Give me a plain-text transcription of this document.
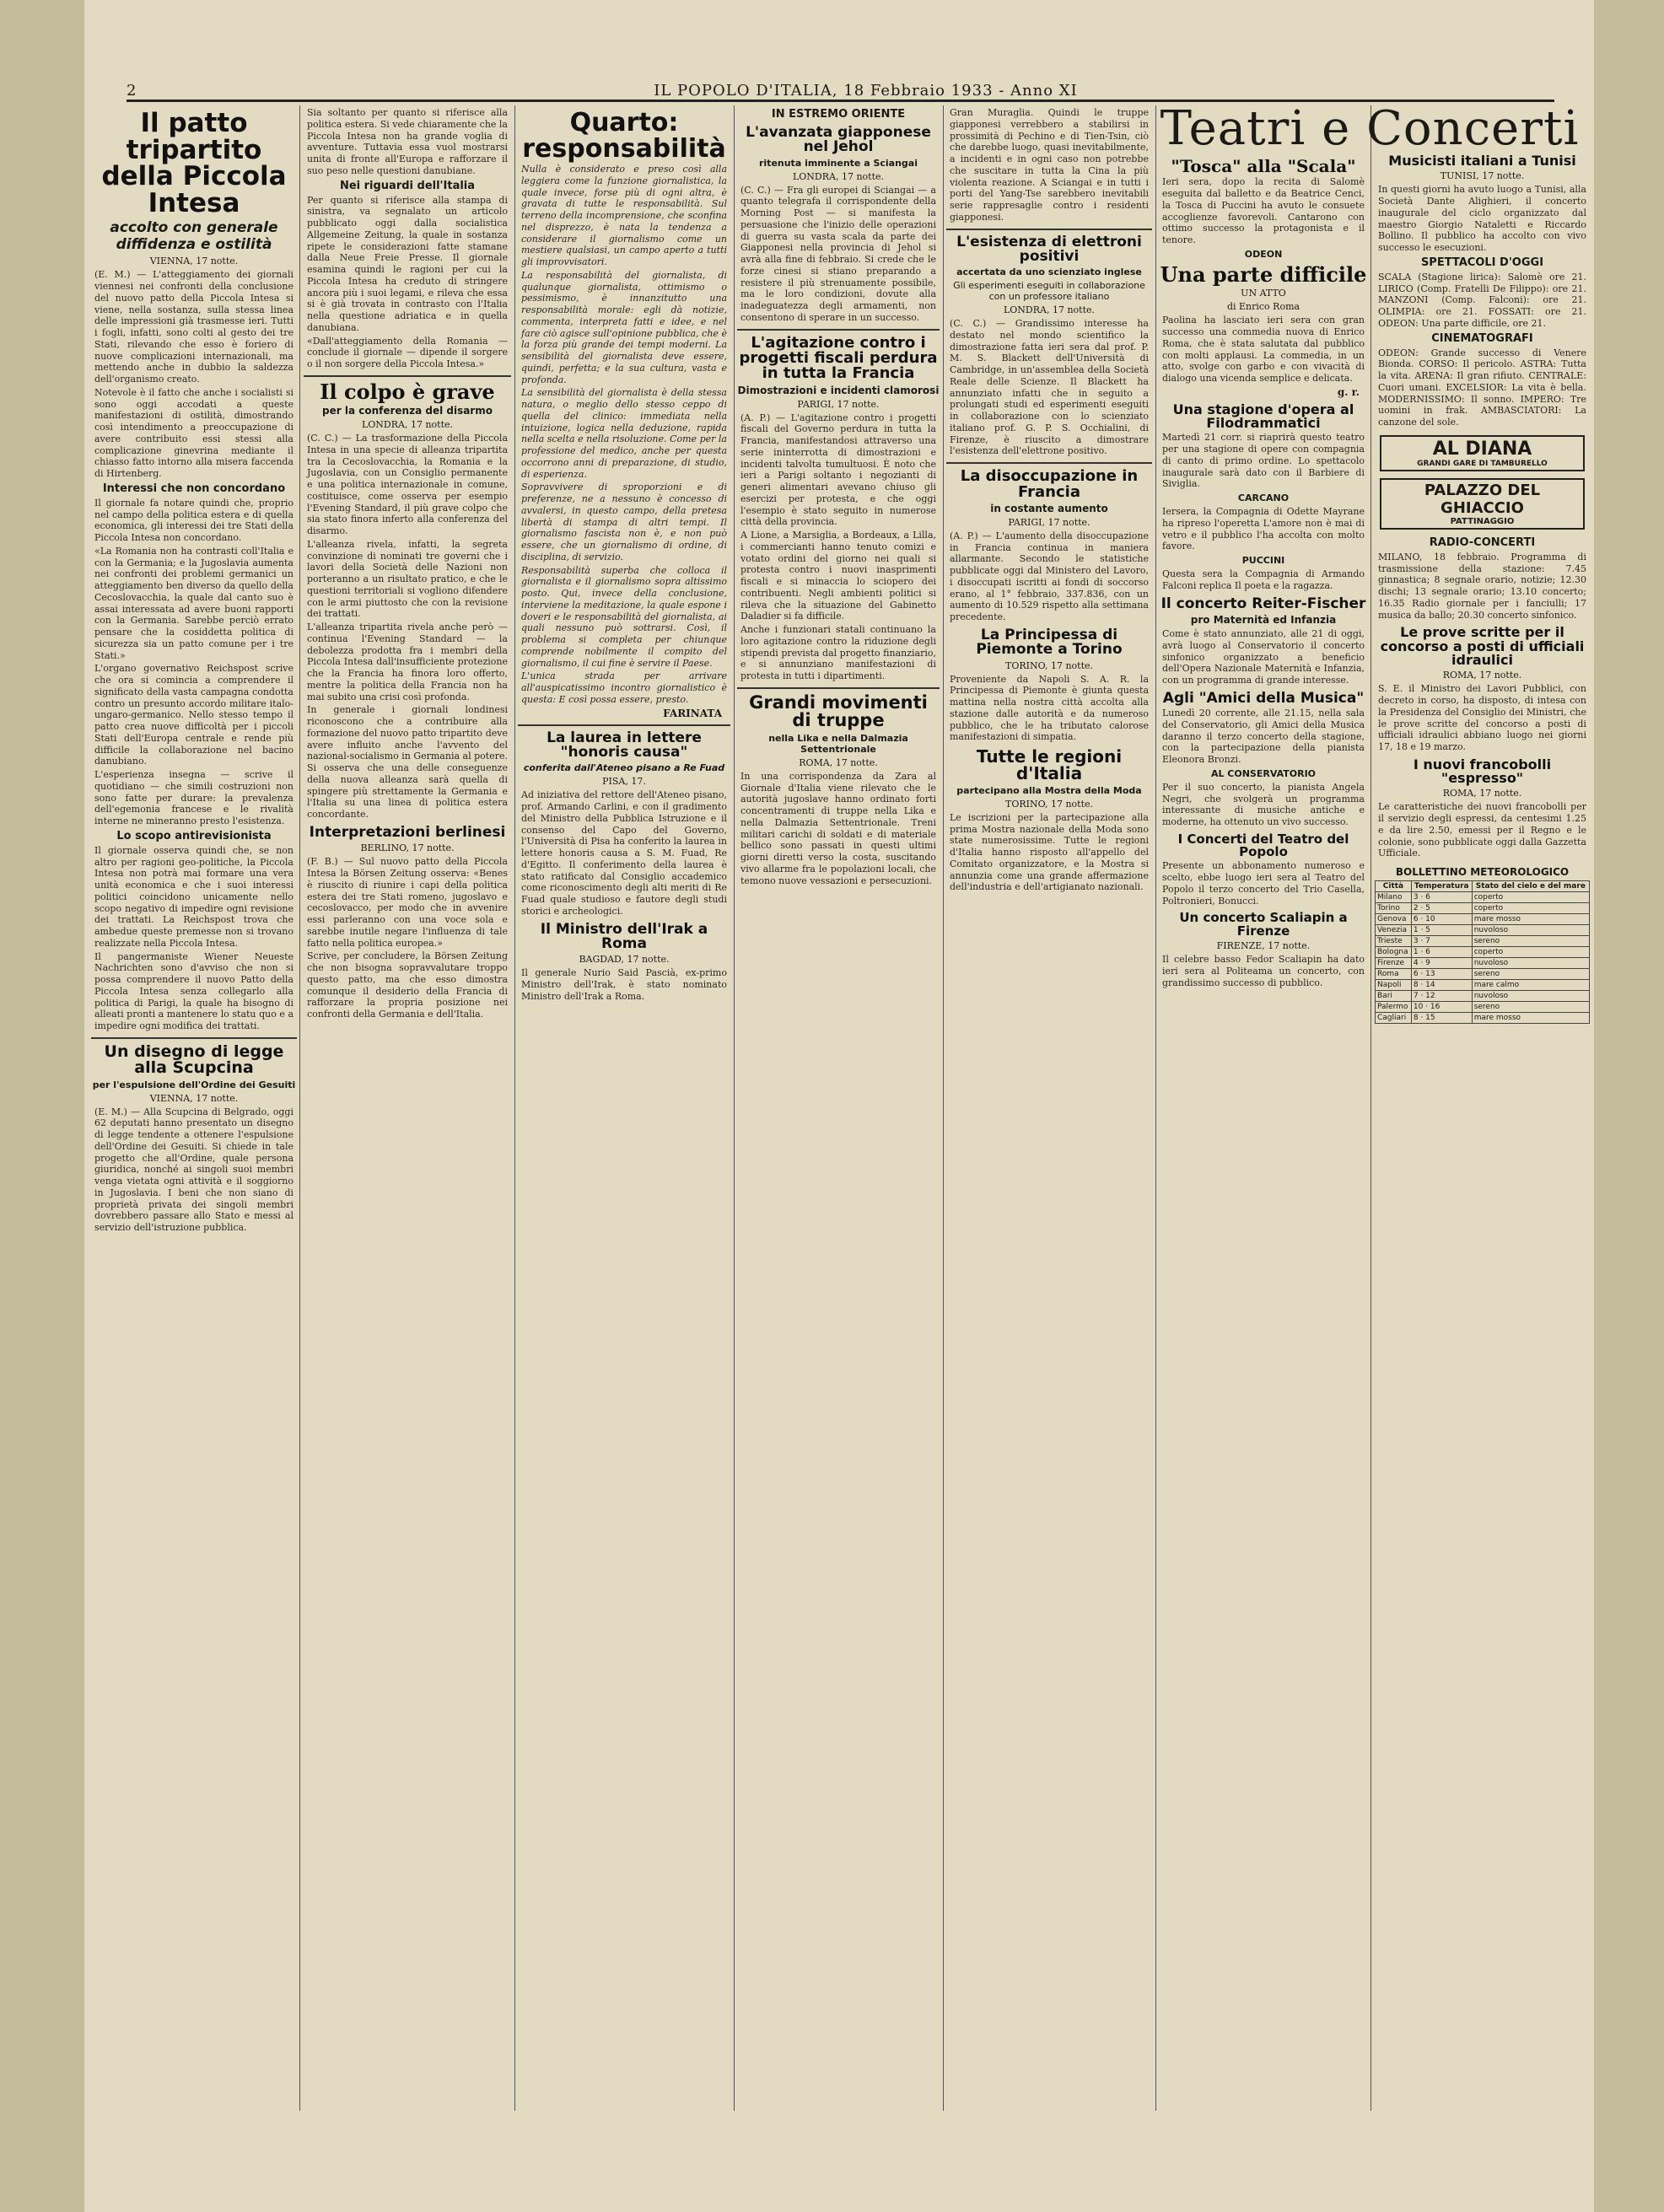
2	IL POPOLO D'ITALIA, 18 Febbraio 1933 - Anno XI
Il patto tripartito della Piccola Intesa
accolto con generale diffidenza e ostilità
VIENNA, 17 notte.

(E. M.) — L'atteggiamento dei giornali viennesi nei confronti della conclusione del nuovo patto della Piccola Intesa si viene, nella sostanza, sulla stessa linea delle impressioni già trasmesse ieri. Tutti i fogli, infatti, sono colti al gesto dei tre Stati, rilevando che esso è foriero di nuove complicazioni internazionali, ma mettendo anche in dubbio la saldezza dell'organismo creato.

Notevole è il fatto che anche i socialisti si sono oggi accodati a queste manifestazioni di ostilità, dimostrando così intendimento a preoccupazione di avere contribuito essi stessi alla complicazione ginevrina mediante il chiasso fatto intorno alla misera faccenda di Hirtenberg.

Interessi che non concordano

Il giornale fa notare quindi che, proprio nel campo della politica estera e di quella economica, gli interessi dei tre Stati della Piccola Intesa non concordano.

«La Romania non ha contrasti coll'Italia e con la Germania; e la Jugoslavia aumenta nei confronti dei problemi germanici un atteggiamento ben diverso da quello della Cecoslovacchia, la quale dal canto suo è assai interessata ad avere buoni rapporti con la Germania. Sarebbe perciò errato pensare che la cosiddetta politica di sicurezza sia un patto comune per i tre Stati.»

L'organo governativo Reichspost scrive che ora si comincia a comprendere il significato della vasta campagna condotta contro un presunto accordo militare italo-ungaro-germanico. Nello stesso tempo il patto crea nuove difficoltà per i piccoli Stati dell'Europa centrale e rende più difficile la collaborazione nel bacino danubiano.

L'esperienza insegna — scrive il quotidiano — che simili costruzioni non sono fatte per durare: la prevalenza dell'egemonia francese e le rivalità interne ne mineranno presto l'esistenza.

Lo scopo antirevisionista

Il giornale osserva quindi che, se non altro per ragioni geo-politiche, la Piccola Intesa non potrà mai formare una vera unità economica e che i suoi interessi politici coincidono unicamente nello scopo negativo di impedire ogni revisione dei trattati. La Reichspost trova che ambedue queste premesse non si trovano realizzate nella Piccola Intesa.

Il pangermaniste Wiener Neueste Nachrichten sono d'avviso che non si possa comprendere il nuovo Patto della Piccola Intesa senza collegarlo alla politica di Parigi, la quale ha bisogno di alleati pronti a mantenere lo statu quo e a impedire ogni modifica dei trattati.

Un disegno di legge alla Scupcina
per l'espulsione dell'Ordine dei Gesuiti
VIENNA, 17 notte.

(E. M.) — Alla Scupcina di Belgrado, oggi 62 deputati hanno presentato un disegno di legge tendente a ottenere l'espulsione dell'Ordine dei Gesuiti. Si chiede in tale progetto che all'Ordine, quale persona giuridica, nonché ai singoli suoi membri venga vietata ogni attività e il soggiorno in Jugoslavia. I beni che non siano di proprietà privata dei singoli membri dovrebbero passare allo Stato e messi al servizio dell'istruzione pubblica.

Sia soltanto per quanto si riferisce alla politica estera. Si vede chiaramente che la Piccola Intesa non ha grande voglia di avventure. Tuttavia essa vuol mostrarsi unita di fronte all'Europa e rafforzare il suo peso nelle questioni danubiane.

Nei riguardi dell'Italia

Per quanto si riferisce alla stampa di sinistra, va segnalato un articolo pubblicato oggi dalla socialistica Allgemeine Zeitung, la quale in sostanza ripete le considerazioni fatte stamane dalla Neue Freie Presse. Il giornale esamina quindi le ragioni per cui la Piccola Intesa ha creduto di stringere ancora più i suoi legami, e rileva che essa si è già trovata in contrasto con l'Italia nella questione adriatica e in quella danubiana.

«Dall'atteggiamento della Romania — conclude il giornale — dipende il sorgere o il non sorgere della Piccola Intesa.»

Il colpo è grave
per la conferenza del disarmo
LONDRA, 17 notte.

(C. C.) — La trasformazione della Piccola Intesa in una specie di alleanza tripartita tra la Cecoslovacchia, la Romania e la Jugoslavia, con un Consiglio permanente e una politica internazionale in comune, costituisce, come osserva per esempio l'Evening Standard, il più grave colpo che sia stato finora inferto alla conferenza del disarmo.

L'alleanza rivela, infatti, la segreta convinzione di nominati tre governi che i lavori della Società delle Nazioni non porteranno a un risultato pratico, e che le questioni territoriali si vogliono difendere con le armi piuttosto che con la revisione dei trattati.

L'alleanza tripartita rivela anche però — continua l'Evening Standard — la debolezza prodotta fra i membri della Piccola Intesa dall'insufficiente protezione che la Francia ha finora loro offerto, mentre la politica della Francia non ha mai subito una crisi così profonda.

In generale i giornali londinesi riconoscono che a contribuire alla formazione del nuovo patto tripartito deve avere influito anche l'avvento del nazional-socialismo in Germania al potere. Si osserva che una delle conseguenze della nuova alleanza sarà quella di spingere più strettamente la Germania e l'Italia su una linea di politica estera concordante.

Interpretazioni berlinesi
BERLINO, 17 notte.

(F. B.) — Sul nuovo patto della Piccola Intesa la Börsen Zeitung osserva: «Benes è riuscito di riunire i capi della politica estera dei tre Stati romeno, jugoslavo e cecoslovacco, per modo che in avvenire essi parleranno con una voce sola e sarebbe inutile negare l'influenza di tale fatto nella politica europea.»

Scrive, per concludere, la Börsen Zeitung che non bisogna sopravvalutare troppo questo patto, ma che esso dimostra comunque il desiderio della Francia di rafforzare la propria posizione nei confronti della Germania e dell'Italia.

Quarto: responsabilità

Nulla è considerato e preso così alla leggiera come la funzione giornalistica, la quale invece, forse più di ogni altra, è gravata di tutte le responsabilità. Sul terreno della incomprensione, che sconfina nel disprezzo, è nata la tendenza a considerare il giornalismo come un mestiere qualsiasi, un campo aperto a tutti gli improvvisatori.

La responsabilità del giornalista, di qualunque giornalista, ottimismo o pessimismo, è innanzitutto una responsabilità morale: egli dà notizie, commenta, interpreta fatti e idee, e nel fare ciò agisce sull'opinione pubblica, che è la forza più grande dei tempi moderni. La sensibilità del giornalista deve essere, quindi, perfetta; e la sua cultura, vasta e profonda.

La sensibilità del giornalista è della stessa natura, o meglio dello stesso ceppo di quella del clinico: immediata nella intuizione, logica nella deduzione, rapida nella scelta e nella risoluzione. Come per la professione del medico, anche per questa occorrono anni di preparazione, di studio, di esperienza.

Sopravvivere di sproporzioni e di preferenze, ne a nessuno è concesso di avvalersi, in questo campo, della pretesa libertà di stampa di altri tempi. Il giornalismo fascista non è, e non può essere, che un giornalismo di ordine, di disciplina, di servizio.

Responsabilità superba che colloca il giornalista e il giornalismo sopra altissimo posto. Qui, invece della conclusione, interviene la meditazione, la quale espone i doveri e le responsabilità del giornalista, ai quali nessuno può sottrarsi. Così, il problema si completa per chiunque comprende nobilmente il compito del giornalismo, il cui fine è servire il Paese.

L'unica strada per arrivare all'auspicatissimo incontro giornalistico è questa: E così possa essere, presto.

FARINATA
La laurea in lettere "honoris causa"
conferita dall'Ateneo pisano a Re Fuad
PISA, 17.

Ad iniziativa del rettore dell'Ateneo pisano, prof. Armando Carlini, e con il gradimento del Ministro della Pubblica Istruzione e il consenso del Capo del Governo, l'Università di Pisa ha conferito la laurea in lettere honoris causa a S. M. Fuad, Re d'Egitto. Il conferimento della laurea è stato ratificato dal Consiglio accademico come riconoscimento degli alti meriti di Re Fuad quale studioso e fautore degli studi storici e archeologici.

Il Ministro dell'Irak a Roma
BAGDAD, 17 notte.

Il generale Nurio Said Pascià, ex-primo Ministro dell'Irak, è stato nominato Ministro dell'Irak a Roma.

IN ESTREMO ORIENTE
L'avanzata giapponese nel Jehol
ritenuta imminente a Sciangai
LONDRA, 17 notte.

(C. C.) — Fra gli europei di Sciangai — a quanto telegrafa il corrispondente della Morning Post — si manifesta la persuasione che l'inizio delle operazioni di guerra su vasta scala da parte dei Giapponesi nella provincia di Jehol si avrà alla fine di febbraio. Si crede che le forze cinesi si stiano preparando a resistere il più strenuamente possibile, ma le loro condizioni, dovute alla inadeguatezza degli armamenti, non consentono di sperare in un successo.

L'agitazione contro i progetti fiscali perdura in tutta la Francia
Dimostrazioni e incidenti clamorosi
PARIGI, 17 notte.

(A. P.) — L'agitazione contro i progetti fiscali del Governo perdura in tutta la Francia, manifestandosi attraverso una serie ininterrotta di dimostrazioni e incidenti talvolta tumultuosi. È noto che ieri a Parigi soltanto i negozianti di generi alimentari avevano chiuso gli esercizi per protesta, e che oggi l'esempio è stato seguito in numerose città della provincia.

A Lione, a Marsiglia, a Bordeaux, a Lilla, i commercianti hanno tenuto comizi e votato ordini del giorno nei quali si protesta contro i nuovi inasprimenti fiscali e si minaccia lo sciopero dei contribuenti. Negli ambienti politici si rileva che la situazione del Gabinetto Daladier si fa difficile.

Anche i funzionari statali continuano la loro agitazione contro la riduzione degli stipendi prevista dal progetto finanziario, e si annunziano manifestazioni di protesta in tutti i dipartimenti.

Grandi movimenti di truppe
nella Lika e nella Dalmazia Settentrionale
ROMA, 17 notte.

In una corrispondenza da Zara al Giornale d'Italia viene rilevato che le autorità jugoslave hanno ordinato forti concentramenti di truppe nella Lika e nella Dalmazia Settentrionale. Treni militari carichi di soldati e di materiale bellico sono passati in questi ultimi giorni diretti verso la costa, suscitando vivo allarme fra le popolazioni locali, che temono nuove vessazioni e persecuzioni.

Gran Muraglia. Quindi le truppe giapponesi verrebbero a stabilirsi in prossimità di Pechino e di Tien-Tsin, ciò che darebbe luogo, quasi inevitabilmente, a incidenti e in ogni caso non potrebbe che suscitare in tutta la Cina la più violenta reazione. A Sciangai e in tutti i porti del Yang-Tse sarebbero inevitabili serie rappresaglie contro i residenti giapponesi.

L'esistenza di elettroni positivi
accertata da uno scienziato inglese
Gli esperimenti eseguiti in collaborazione con un professore italiano
LONDRA, 17 notte.

(C. C.) — Grandissimo interesse ha destato nel mondo scientifico la dimostrazione fatta ieri sera dal prof. P. M. S. Blackett dell'Università di Cambridge, in un'assemblea della Società Reale delle Scienze. Il Blackett ha annunziato infatti che in seguito a prolungati studi ed esperimenti eseguiti in collaborazione con lo scienziato italiano prof. G. P. S. Occhialini, di Firenze, è riuscito a dimostrare l'esistenza dell'elettrone positivo.

La disoccupazione in Francia
in costante aumento
PARIGI, 17 notte.

(A. P.) — L'aumento della disoccupazione in Francia continua in maniera allarmante. Secondo le statistiche pubblicate oggi dal Ministero del Lavoro, i disoccupati iscritti ai fondi di soccorso erano, al 1° febbraio, 337.836, con un aumento di 10.529 rispetto alla settimana precedente.

La Principessa di Piemonte a Torino
TORINO, 17 notte.

Proveniente da Napoli S. A. R. la Principessa di Piemonte è giunta questa mattina nella nostra città accolta alla stazione dalle autorità e da numeroso pubblico, che le ha tributato calorose manifestazioni di simpatia.

Tutte le regioni d'Italia
partecipano alla Mostra della Moda
TORINO, 17 notte.

Le iscrizioni per la partecipazione alla prima Mostra nazionale della Moda sono state numerosissime. Tutte le regioni d'Italia hanno risposto all'appello del Comitato organizzatore, e la Mostra si annunzia come una grande affermazione dell'industria e dell'artigianato nazionali.

Teatri e Concerti
"Tosca" alla "Scala"

Ieri sera, dopo la recita di Salomè eseguita dal balletto e da Beatrice Cenci, la Tosca di Puccini ha avuto le consuete accoglienze favorevoli. Cantarono con ottimo successo la protagonista e il tenore.

ODEON
Una parte difficile
UN ATTO
di Enrico Roma

Paolina ha lasciato ieri sera con gran successo una commedia nuova di Enrico Roma, che è stata salutata dal pubblico con molti applausi. La commedia, in un atto, svolge con garbo e con vivacità di dialogo una vicenda semplice e delicata.

g. r.
Una stagione d'opera al Filodrammatici

Martedì 21 corr. si riaprirà questo teatro per una stagione di opere con compagnia di canto di primo ordine. Lo spettacolo inaugurale sarà dato con il Barbiere di Siviglia.

CARCANO

Iersera, la Compagnia di Odette Mayrane ha ripreso l'operetta L'amore non è mai di vetro e il pubblico l'ha accolta con molto favore.

PUCCINI

Questa sera la Compagnia di Armando Falconi replica Il poeta e la ragazza.

Il concerto Reiter-Fischer
pro Maternità ed Infanzia

Come è stato annunziato, alle 21 di oggi, avrà luogo al Conservatorio il concerto sinfonico organizzato a beneficio dell'Opera Nazionale Maternità e Infanzia, con un programma di grande interesse.

Agli "Amici della Musica"

Lunedì 20 corrente, alle 21.15, nella sala del Conservatorio, gli Amici della Musica daranno il terzo concerto della stagione, con la partecipazione della pianista Eleonora Bronzi.

AL CONSERVATORIO

Per il suo concerto, la pianista Angela Negri, che svolgerà un programma interessante di musiche antiche e moderne, ha ottenuto un vivo successo.

I Concerti del Teatro del Popolo

Presente un abbonamento numeroso e scelto, ebbe luogo ieri sera al Teatro del Popolo il terzo concerto del Trio Casella, Poltronieri, Bonucci.

Un concerto Scaliapin a Firenze
FIRENZE, 17 notte.

Il celebre basso Fedor Scaliapin ha dato ieri sera al Politeama un concerto, con grandissimo successo di pubblico.

Musicisti italiani a Tunisi
TUNISI, 17 notte.

In questi giorni ha avuto luogo a Tunisi, alla Società Dante Alighieri, il concerto inaugurale del ciclo organizzato dal maestro Giorgio Nataletti e Riccardo Bollino. Il pubblico ha accolto con vivo successo le esecuzioni.

SPETTACOLI D'OGGI

SCALA (Stagione lirica): Salomè ore 21. LIRICO (Comp. Fratelli De Filippo): ore 21. MANZONI (Comp. Falconi): ore 21. OLIMPIA: ore 21. FOSSATI: ore 21. ODEON: Una parte difficile, ore 21.

CINEMATOGRAFI

ODEON: Grande successo di Venere Bionda. CORSO: Il pericolo. ASTRA: Tutta la vita. ARENA: Il gran rifiuto. CENTRALE: Cuori umani. EXCELSIOR: La vita è bella. MODERNISSIMO: Il sonno. IMPERO: Tre uomini in frak. AMBASCIATORI: La canzone del sole.

AL DIANA
GRANDI GARE DI TAMBURELLO
PALAZZO DEL GHIACCIO
PATTINAGGIO
RADIO-CONCERTI

MILANO, 18 febbraio. Programma di trasmissione della stazione: 7.45 ginnastica; 8 segnale orario, notizie; 12.30 dischi; 13 segnale orario; 13.10 concerto; 16.35 Radio giornale per i fanciulli; 17 musica da ballo; 20.30 concerto sinfonico.

Le prove scritte per il concorso a posti di ufficiali idraulici
ROMA, 17 notte.

S. E. il Ministro dei Lavori Pubblici, con decreto in corso, ha disposto, di intesa con la Presidenza del Consiglio dei Ministri, che le prove scritte del concorso a posti di ufficiali idraulici abbiano luogo nei giorni 17, 18 e 19 marzo.

I nuovi francobolli "espresso"
ROMA, 17 notte.

Le caratteristiche dei nuovi francobolli per il servizio degli espressi, da centesimi 1.25 e da lire 2.50, emessi per il Regno e le colonie, sono pubblicate oggi dalla Gazzetta Ufficiale.

BOLLETTINO METEOROLOGICO
Città	Temperatura	Stato del cielo e del mare
Milano	3 · 6	coperto
Torino	2 · 5	coperto
Genova	6 · 10	mare mosso
Venezia	1 · 5	nuvoloso
Trieste	3 · 7	sereno
Bologna	1 · 6	coperto
Firenze	4 · 9	nuvoloso
Roma	6 · 13	sereno
Napoli	8 · 14	mare calmo
Bari	7 · 12	nuvoloso
Palermo	10 · 16	sereno
Cagliari	8 · 15	mare mosso
